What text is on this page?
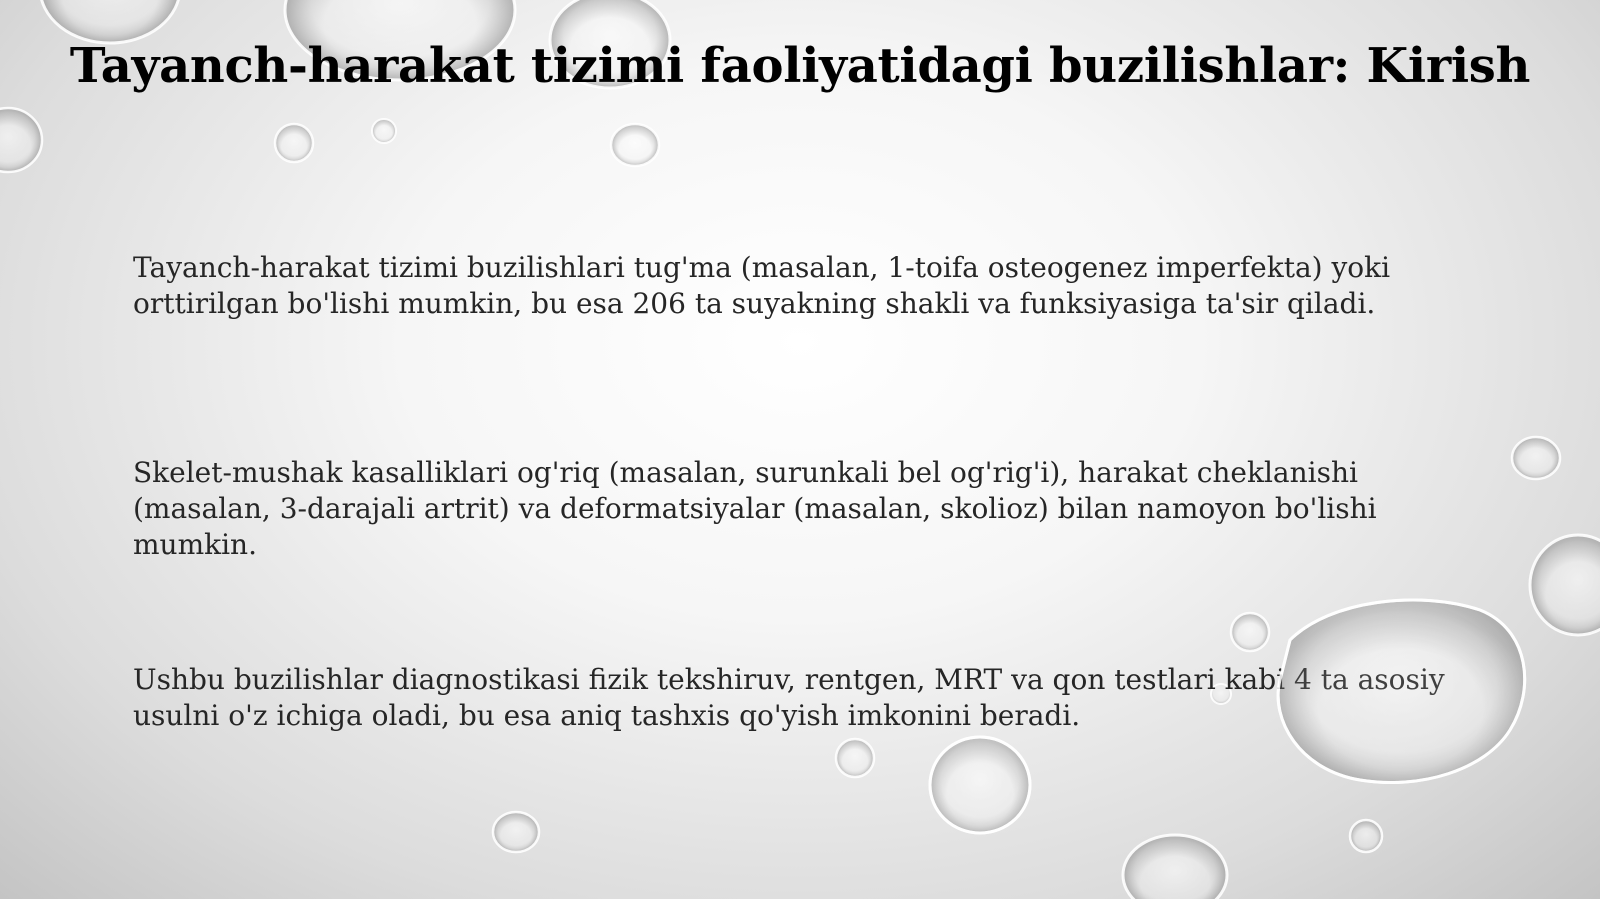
Tayanch-harakat tizimi faoliyatidagi buzilishlar: Kirish

Tayanch-harakat tizimi buzilishlari tug'ma (masalan, 1-toifa osteogenez imperfekta) yoki orttirilgan bo'lishi mumkin, bu esa 206 ta suyakning shakli va funksiyasiga ta'sir qiladi.

Skelet-mushak kasalliklari og'riq (masalan, surunkali bel og'rig'i), harakat cheklanishi (masalan, 3-darajali artrit) va deformatsiyalar (masalan, skolioz) bilan namoyon bo'lishi mumkin.

Ushbu buzilishlar diagnostikasi fizik tekshiruv, rentgen, MRT va qon testlari kabi 4 ta asosiy usulni o'z ichiga oladi, bu esa aniq tashxis qo'yish imkonini beradi.
